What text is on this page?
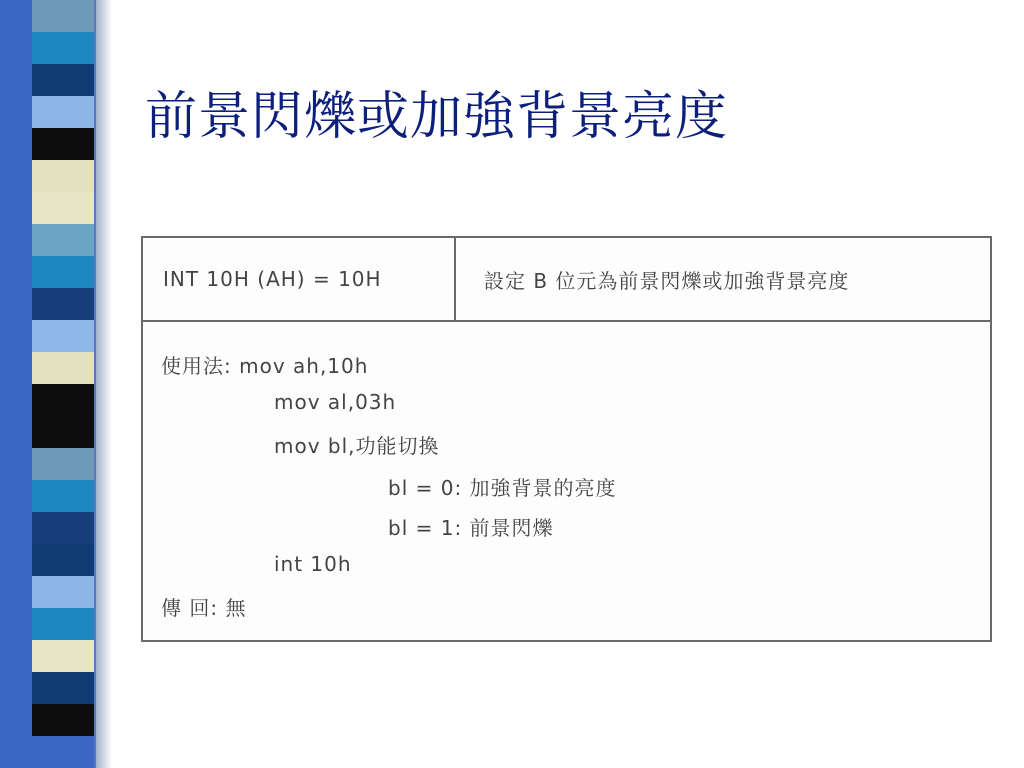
前景閃爍或加強背景亮度
INT 10H (AH) = 10H	設定 B 位元為前景閃爍或加強背景亮度
使用法: mov ah,10h
mov al,03h
mov bl,功能切換
bl = 0: 加強背景的亮度
bl = 1: 前景閃爍
int 10h
傳 回: 無
